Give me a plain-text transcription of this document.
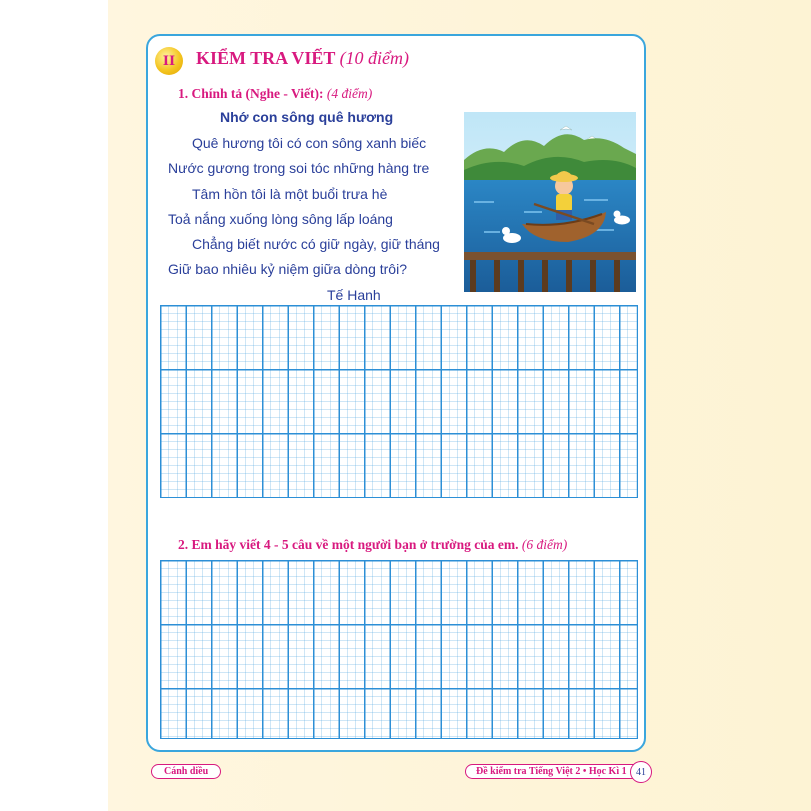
II KIỂM TRA VIẾT (10 điểm)
1. Chính tả (Nghe - Viết): (4 điểm)
Nhớ con sông quê hương
Quê hương tôi có con sông xanh biếc
Nước gương trong soi tóc những hàng tre
Tâm hồn tôi là một buổi trưa hè
Toả nắng xuống lòng sông lấp loáng
Chẳng biết nước có giữ ngày, giữ tháng
Giữ bao nhiêu kỷ niệm giữa dòng trôi?
Tế Hanh
2. Em hãy viết 4 - 5 câu về một người bạn ở trường của em. (6 điểm)
Cánh diều	Đề kiểm tra Tiếng Việt 2 • Học Kì 1 41
